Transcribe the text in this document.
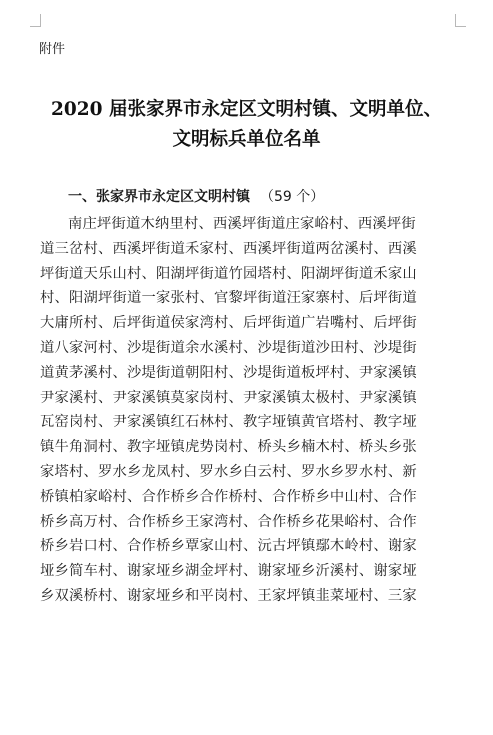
附件
2020 届张家界市永定区文明村镇、文明单位、
文明标兵单位名单
一、张家界市永定区文明村镇 （59 个）
南庄坪街道木纳里村、西溪坪街道庄家峪村、西溪坪街
道三岔村、西溪坪街道禾家村、西溪坪街道两岔溪村、西溪
坪街道天乐山村、阳湖坪街道竹园塔村、阳湖坪街道禾家山
村、阳湖坪街道一家张村、官黎坪街道汪家寨村、后坪街道
大庸所村、后坪街道侯家湾村、后坪街道广岩嘴村、后坪街
道八家河村、沙堤街道余水溪村、沙堤街道沙田村、沙堤街
道黄茅溪村、沙堤街道朝阳村、沙堤街道板坪村、尹家溪镇
尹家溪村、尹家溪镇莫家岗村、尹家溪镇太极村、尹家溪镇
瓦窑岗村、尹家溪镇红石林村、教字垭镇黄官塔村、教字垭
镇牛角洞村、教字垭镇虎势岗村、桥头乡楠木村、桥头乡张
家塔村、罗水乡龙凤村、罗水乡白云村、罗水乡罗水村、新
桥镇柏家峪村、合作桥乡合作桥村、合作桥乡中山村、合作
桥乡高万村、合作桥乡王家湾村、合作桥乡花果峪村、合作
桥乡岩口村、合作桥乡覃家山村、沅古坪镇鄢木岭村、谢家
垭乡简车村、谢家垭乡湖金坪村、谢家垭乡沂溪村、谢家垭
乡双溪桥村、谢家垭乡和平岗村、王家坪镇韭菜垭村、三家
